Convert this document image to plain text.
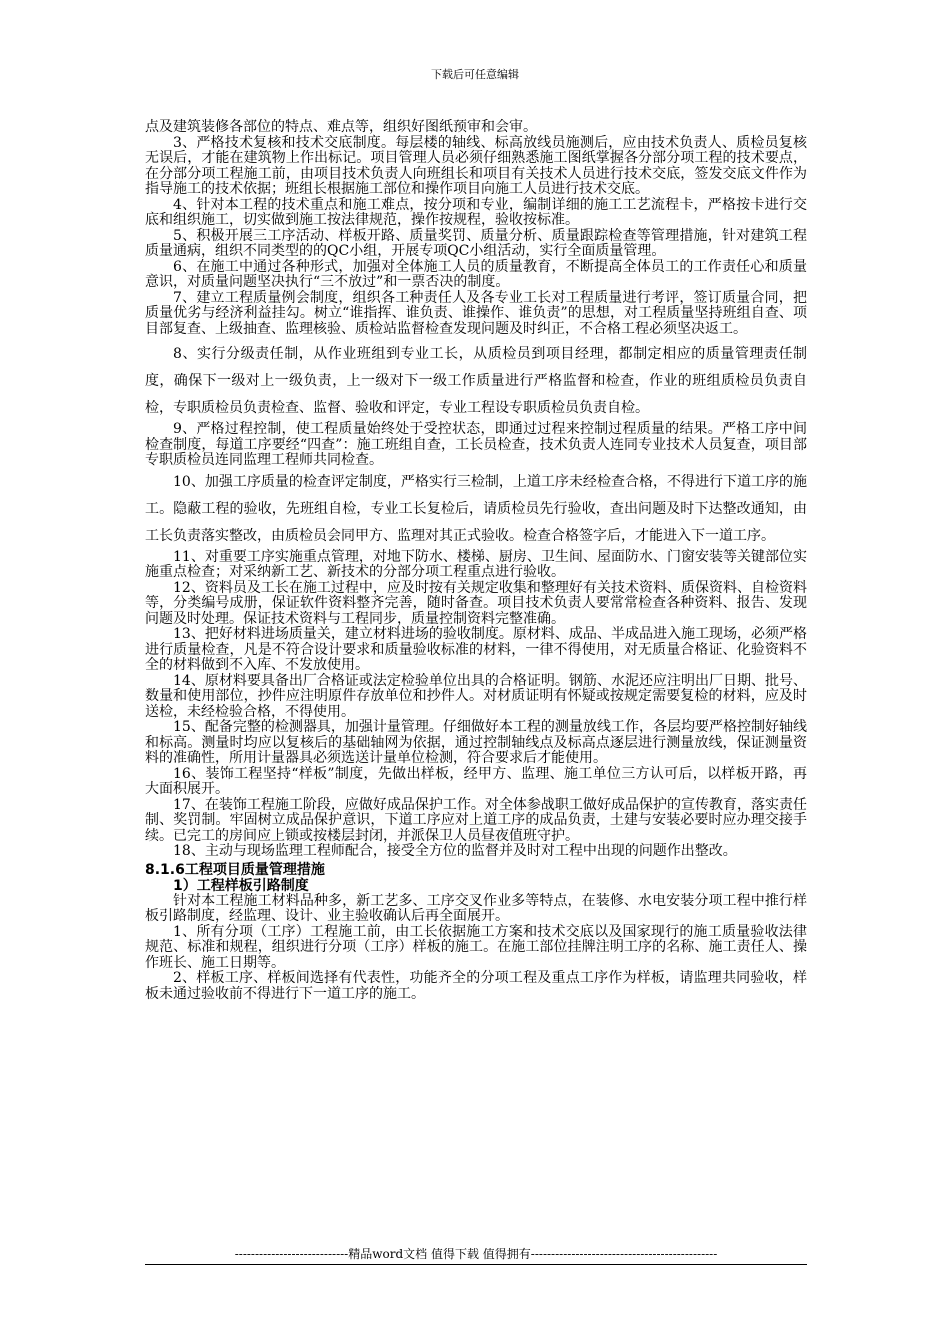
下载后可任意编辑

点及建筑装修各部位的特点、难点等，组织好图纸预审和会审。

3、严格技术复核和技术交底制度。每层楼的轴线、标高放线员施测后，应由技术负责人、质检员复核无误后，才能在建筑物上作出标记。项目管理人员必须仔细熟悉施工图纸掌握各分部分项工程的技术要点，在分部分项工程施工前，由项目技术负责人向班组长和项目有关技术人员进行技术交底，签发交底文件作为指导施工的技术依据；班组长根据施工部位和操作项目向施工人员进行技术交底。

4、针对本工程的技术重点和施工难点，按分项和专业，编制详细的施工工艺流程卡，严格按卡进行交底和组织施工，切实做到施工按法律规范，操作按规程，验收按标准。

5、积极开展三工序活动、样板开路、质量奖罚、质量分析、质量跟踪检查等管理措施，针对建筑工程质量通病，组织不同类型的的QC小组，开展专项QC小组活动，实行全面质量管理。

6、在施工中通过各种形式，加强对全体施工人员的质量教育，不断提高全体员工的工作责任心和质量意识，对质量问题坚决执行“三不放过”和一票否决的制度。

7、建立工程质量例会制度，组织各工种责任人及各专业工长对工程质量进行考评，签订质量合同，把质量优劣与经济利益挂勾。树立“谁指挥、谁负责、谁操作、谁负责”的思想，对工程质量坚持班组自查、项目部复查、上级抽查、监理核验、质检站监督检查发现问题及时纠正，不合格工程必须坚决返工。

8、实行分级责任制，从作业班组到专业工长，从质检员到项目经理，都制定相应的质量管理责任制度，确保下一级对上一级负责，上一级对下一级工作质量进行严格监督和检查，作业的班组质检员负责自检，专职质检员负责检查、监督、验收和评定，专业工程设专职质检员负责自检。

9、严格过程控制，使工程质量始终处于受控状态，即通过过程来控制过程质量的结果。严格工序中间检查制度，每道工序要经“四查”：施工班组自查，工长员检查，技术负责人连同专业技术人员复查，项目部专职质检员连同监理工程师共同检查。

10、加强工序质量的检查评定制度，严格实行三检制，上道工序未经检查合格，不得进行下道工序的施工。隐蔽工程的验收，先班组自检，专业工长复检后，请质检员先行验收，查出问题及时下达整改通知，由工长负责落实整改，由质检员会同甲方、监理对其正式验收。检查合格签字后，才能进入下一道工序。

11、对重要工序实施重点管理，对地下防水、楼梯、厨房、卫生间、屋面防水、门窗安装等关键部位实施重点检查；对采纳新工艺、新技术的分部分项工程重点进行验收。

12、资料员及工长在施工过程中，应及时按有关规定收集和整理好有关技术资料、质保资料、自检资料等，分类编号成册，保证软件资料整齐完善，随时备查。项目技术负责人要常常检查各种资料、报告、发现问题及时处理。保证技术资料与工程同步，质量控制资料完整准确。

13、把好材料进场质量关，建立材料进场的验收制度。原材料、成品、半成品进入施工现场，必须严格进行质量检查，凡是不符合设计要求和质量验收标准的材料，一律不得使用，对无质量合格证、化验资料不全的材料做到不入库、不发放使用。

14、原材料要具备出厂合格证或法定检验单位出具的合格证明。钢筋、水泥还应注明出厂日期、批号、数量和使用部位，抄件应注明原件存放单位和抄件人。对材质证明有怀疑或按规定需要复检的材料，应及时送检，未经检验合格，不得使用。

15、配备完整的检测器具，加强计量管理。仔细做好本工程的测量放线工作，各层均要严格控制好轴线和标高。测量时均应以复核后的基础轴网为依据，通过控制轴线点及标高点逐层进行测量放线，保证测量资料的准确性，所用计量器具必须选送计量单位检测，符合要求后才能使用。

16、装饰工程坚持“样板”制度，先做出样板，经甲方、监理、施工单位三方认可后，以样板开路，再大面积展开。

17、在装饰工程施工阶段，应做好成品保护工作。对全体参战职工做好成品保护的宣传教育，落实责任制、奖罚制。牢固树立成品保护意识，下道工序应对上道工序的成品负责，土建与安装必要时应办理交接手续。已完工的房间应上锁或按楼层封闭，并派保卫人员昼夜值班守护。

18、主动与现场监理工程师配合，接受全方位的监督并及时对工程中出现的问题作出整改。

8.1.6工程项目质量管理措施

1）工程样板引路制度

针对本工程施工材料品种多，新工艺多、工序交叉作业多等特点，在装修、水电安装分项工程中推行样板引路制度，经监理、设计、业主验收确认后再全面展开。

1、所有分项（工序）工程施工前，由工长依据施工方案和技术交底以及国家现行的施工质量验收法律规范、标准和规程，组织进行分项（工序）样板的施工。在施工部位挂牌注明工序的名称、施工责任人、操作班长、施工日期等。

2、样板工序、样板间选择有代表性，功能齐全的分项工程及重点工序作为样板，请监理共同验收，样板未通过验收前不得进行下一道工序的施工。

----------------------------精品word文档 值得下载 值得拥有----------------------------------------------
